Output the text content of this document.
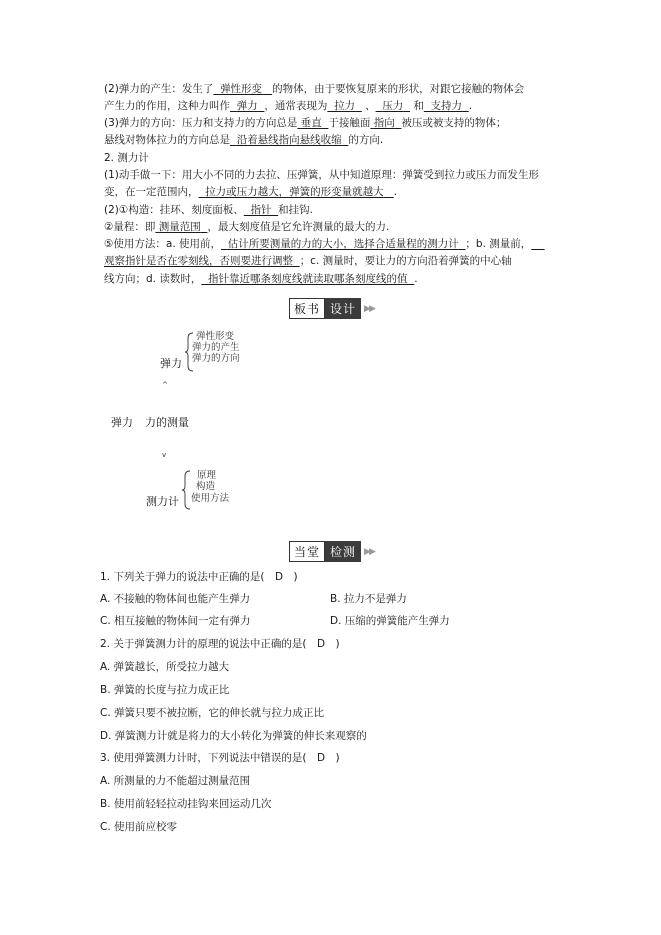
(2)弹力的产生：发生了 弹性形变 的物体，由于要恢复原来的形状，对跟它接触的物体会
产生力的作用，这种力叫作 弹力 ，通常表现为 拉力 、 压力 和 支持力 .
(3)弹力的方向：压力和支持力的方向总是 垂直 于接触面 指向 被压或被支持的物体；
悬线对物体拉力的方向总是 沿着悬线指向悬线收缩 的方向.
2. 测力计
(1)动手做一下：用大小不同的力去拉、压弹簧，从中知道原理：弹簧受到拉力或压力而发生形
变，在一定范围内， 拉力或压力越大，弹簧的形变量就越大 .
(2)①构造：挂环、刻度面板、 指针 和挂钩.
②量程：即 测量范围 ，最大刻度值是它允许测量的最大的力.
⑤使用方法：a. 使用前， 估计所要测量的力的大小，选择合适量程的测力计 ；b. 测量前，
观察指针是否在零刻线，否则要进行调整 ；c. 测量时，要让力的方向沿着弹簧的中心轴
线方向；d. 读数时， 指针靠近哪条刻度线就读取哪条刻度线的值 .
板书 设计 ▶▶
弹力
弹性形变
弹力的产生
弹力的方向
^
弹力 力的测量
v
测力计
原理
构造
使用方法
当堂 检测 ▶▶
1. 下列关于弹力的说法中正确的是(　D　)
A. 不接触的物体间也能产生弹力	B. 拉力不是弹力
C. 相互接触的物体间一定有弹力	D. 压缩的弹簧能产生弹力
2. 关于弹簧测力计的原理的说法中正确的是(　D　)
A. 弹簧越长，所受拉力越大
B. 弹簧的长度与拉力成正比
C. 弹簧只要不被拉断，它的伸长就与拉力成正比
D. 弹簧测力计就是将力的大小转化为弹簧的伸长来观察的
3. 使用弹簧测力计时，下列说法中错误的是(　D　)
A. 所测量的力不能超过测量范围
B. 使用前轻轻拉动挂钩来回运动几次
C. 使用前应校零
